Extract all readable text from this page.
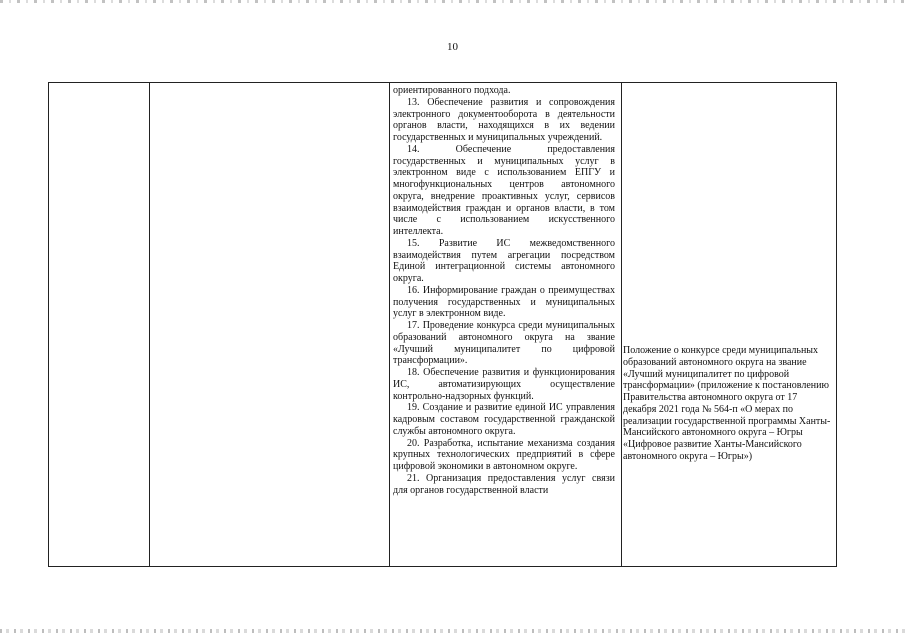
10

ориентированного подхода.

13. Обеспечение развития и сопровождения электронного документооборота в деятельности органов власти, находящихся в их ведении государственных и муниципальных учреждений.

14. Обеспечение предоставления государственных и муниципальных услуг в электронном виде с использованием ЕПГУ и многофункциональных центров автономного округа, внедрение проактивных услуг, сервисов взаимодействия граждан и органов власти, в том числе с использованием искусственного интеллекта.

15. Развитие ИС межведомственного взаимодействия путем агрегации посредством Единой интеграционной системы автономного округа.

16. Информирование граждан о преимуществах получения государственных и муниципальных услуг в электронном виде.

17. Проведение конкурса среди муниципальных образований автономного округа на звание «Лучший муниципалитет по цифровой трансформации».

18. Обеспечение развития и функционирования ИС, автоматизирующих осуществление контрольно-надзорных функций.

19. Создание и развитие единой ИС управления кадровым составом государственной гражданской службы автономного округа.

20. Разработка, испытание механизма создания крупных технологических предприятий в сфере цифровой экономики в автономном округе.

21. Организация предоставления услуг связи для органов государственной власти

Положение о конкурсе среди муниципальных образований автономного округа на звание «Лучший муниципалитет по цифровой трансформации» (приложение к постановлению Правительства автономного округа от 17 декабря 2021 года № 564-п «О мерах по реализации государственной программы Ханты-Мансийского автономного округа – Югры «Цифровое развитие Ханты-Мансийского автономного округа – Югры»)
